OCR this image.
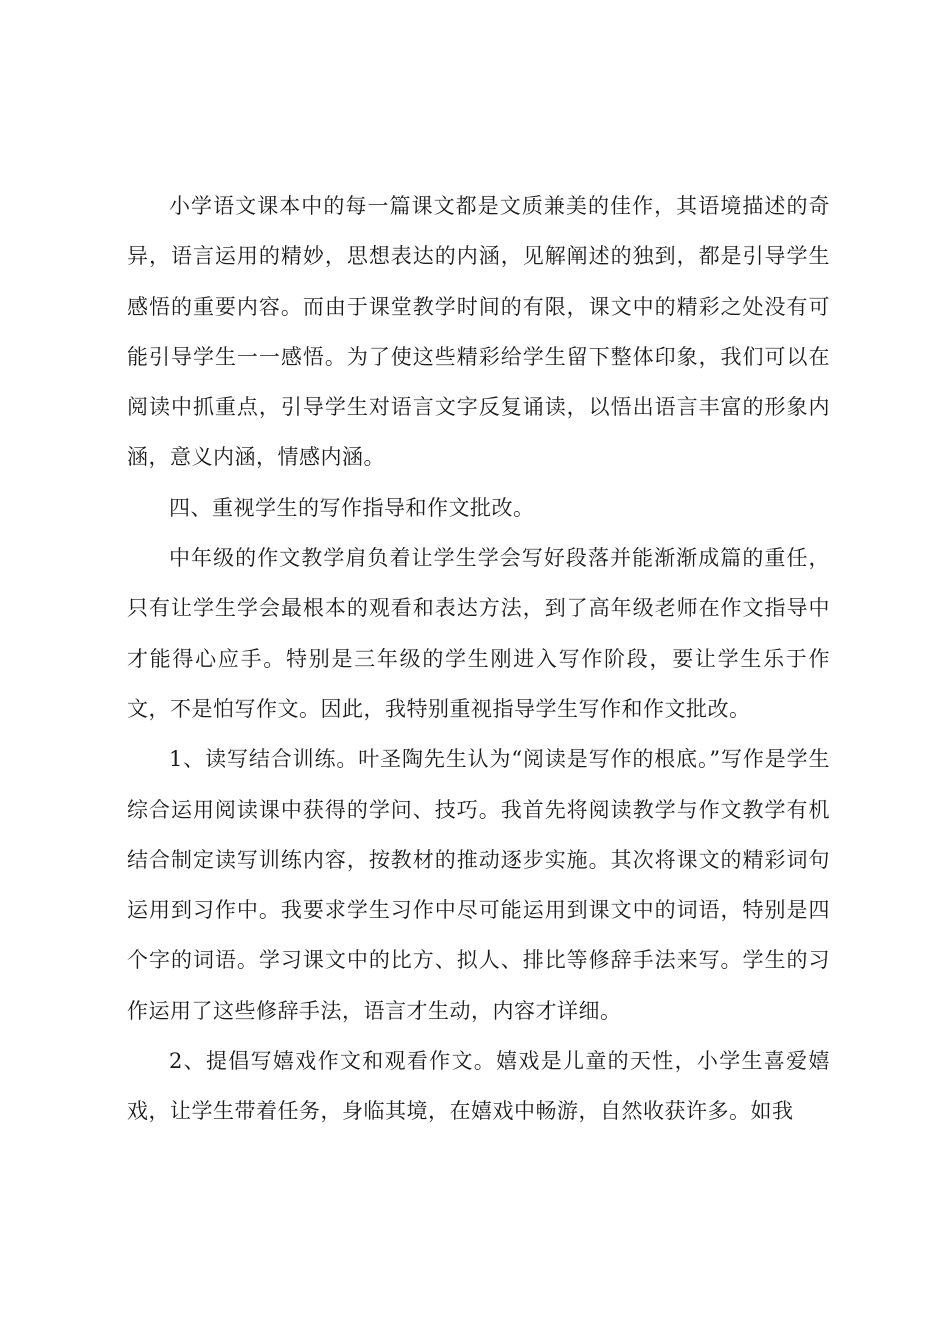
小学语文课本中的每一篇课文都是文质兼美的佳作，其语境描述的奇异，语言运用的精妙，思想表达的内涵，见解阐述的独到，都是引导学生感悟的重要内容。而由于课堂教学时间的有限，课文中的精彩之处没有可能引导学生一一感悟。为了使这些精彩给学生留下整体印象，我们可以在阅读中抓重点，引导学生对语言文字反复诵读，以悟出语言丰富的形象内涵，意义内涵，情感内涵。

四、重视学生的写作指导和作文批改。

中年级的作文教学肩负着让学生学会写好段落并能渐渐成篇的重任，只有让学生学会最根本的观看和表达方法，到了高年级老师在作文指导中才能得心应手。特别是三年级的学生刚进入写作阶段，要让学生乐于作文，不是怕写作文。因此，我特别重视指导学生写作和作文批改。

1、读写结合训练。叶圣陶先生认为“阅读是写作的根底。”写作是学生综合运用阅读课中获得的学问、技巧。我首先将阅读教学与作文教学有机结合制定读写训练内容，按教材的推动逐步实施。其次将课文的精彩词句运用到习作中。我要求学生习作中尽可能运用到课文中的词语，特别是四个字的词语。学习课文中的比方、拟人、排比等修辞手法来写。学生的习作运用了这些修辞手法，语言才生动，内容才详细。

2、提倡写嬉戏作文和观看作文。嬉戏是儿童的天性，小学生喜爱嬉戏，让学生带着任务，身临其境，在嬉戏中畅游，自然收获许多。如我
